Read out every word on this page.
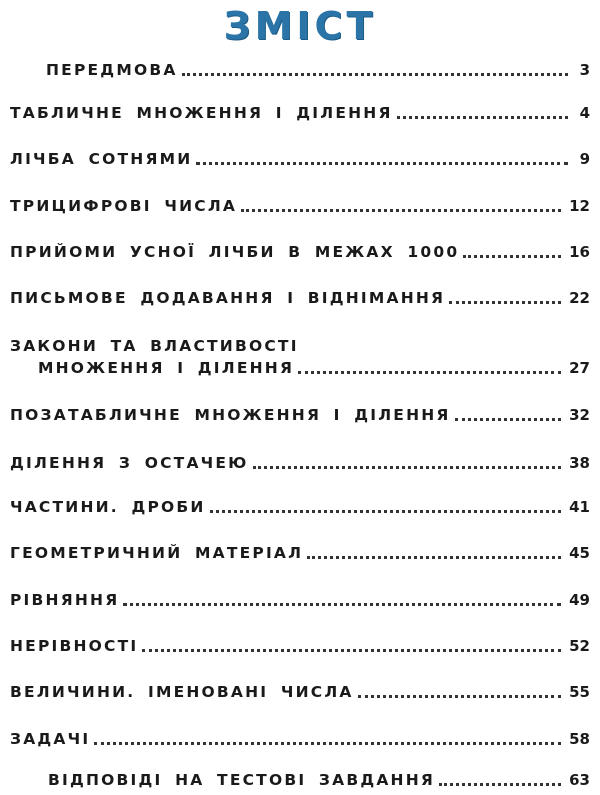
ЗМІСТ
ПЕРЕДМОВА	3
ТАБЛИЧНЕ МНОЖЕННЯ І ДІЛЕННЯ	4
ЛІЧБА СОТНЯМИ	9
ТРИЦИФРОВІ ЧИСЛА	12
ПРИЙОМИ УСНОЇ ЛІЧБИ В МЕЖАХ 1000	16
ПИСЬМОВЕ ДОДАВАННЯ І ВІДНІМАННЯ	22
ЗАКОНИ ТА ВЛАСТИВОСТІ
МНОЖЕННЯ І ДІЛЕННЯ	27
ПОЗАТАБЛИЧНЕ МНОЖЕННЯ І ДІЛЕННЯ	32
ДІЛЕННЯ З ОСТАЧЕЮ	38
ЧАСТИНИ. ДРОБИ	41
ГЕОМЕТРИЧНИЙ МАТЕРІАЛ	45
РІВНЯННЯ	49
НЕРІВНОСТІ	52
ВЕЛИЧИНИ. ІМЕНОВАНІ ЧИСЛА	55
ЗАДАЧІ	58
ВІДПОВІДІ НА ТЕСТОВІ ЗАВДАННЯ	63
